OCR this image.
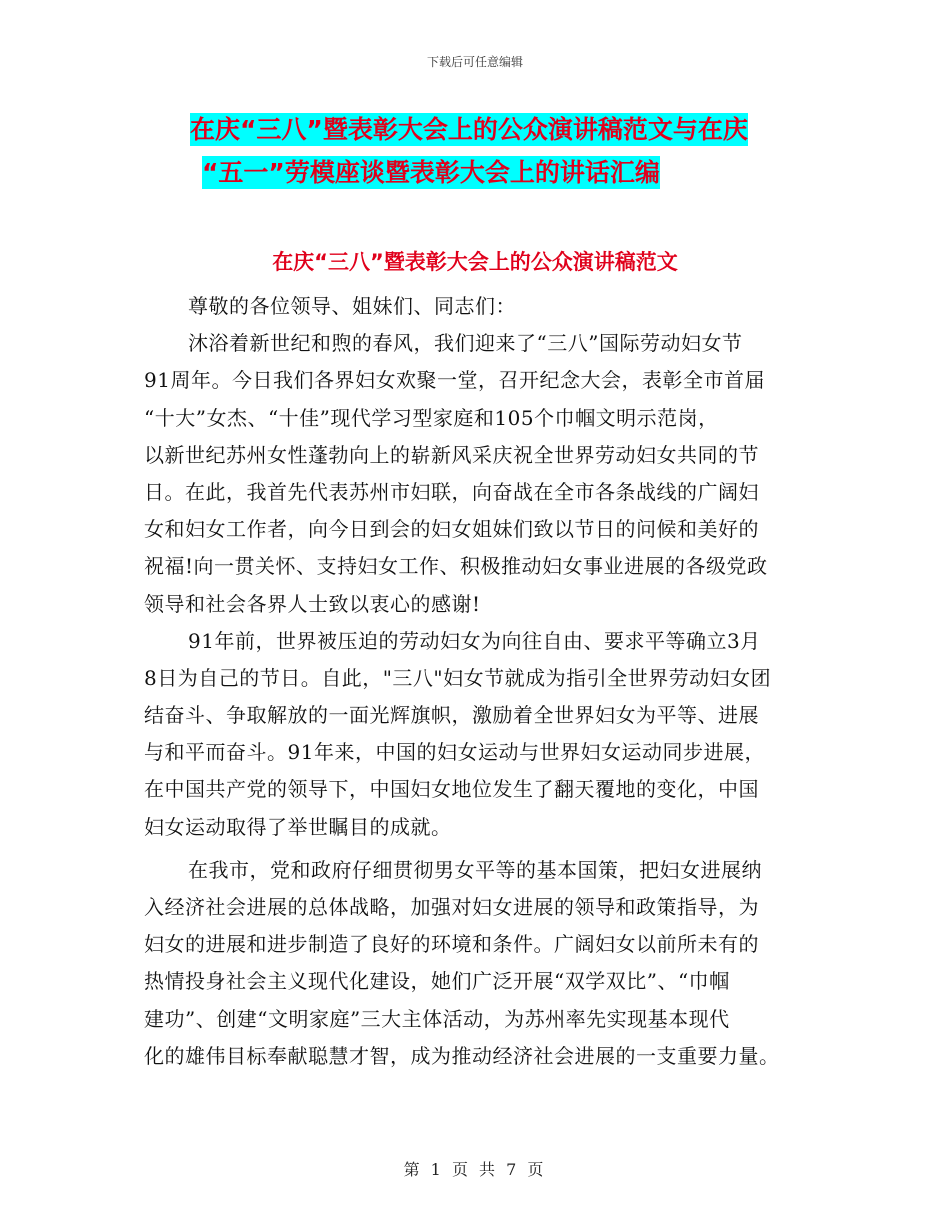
下载后可任意编辑
在庆“三八”暨表彰大会上的公众演讲稿范文与在庆
“五一”劳模座谈暨表彰大会上的讲话汇编
在庆“三八”暨表彰大会上的公众演讲稿范文
尊敬的各位领导、姐妹们、同志们：
沐浴着新世纪和煦的春风，我们迎来了“三八”国际劳动妇女节
91周年。今日我们各界妇女欢聚一堂，召开纪念大会，表彰全市首届
“十大”女杰、“十佳”现代学习型家庭和105个巾帼文明示范岗，
以新世纪苏州女性蓬勃向上的崭新风采庆祝全世界劳动妇女共同的节
日。在此，我首先代表苏州市妇联，向奋战在全市各条战线的广阔妇
女和妇女工作者，向今日到会的妇女姐妹们致以节日的问候和美好的
祝福!向一贯关怀、支持妇女工作、积极推动妇女事业进展的各级党政
领导和社会各界人士致以衷心的感谢!
91年前，世界被压迫的劳动妇女为向往自由、要求平等确立3月
8日为自己的节日。自此，"三八"妇女节就成为指引全世界劳动妇女团
结奋斗、争取解放的一面光辉旗帜，激励着全世界妇女为平等、进展
与和平而奋斗。91年来，中国的妇女运动与世界妇女运动同步进展，
在中国共产党的领导下，中国妇女地位发生了翻天覆地的变化，中国
妇女运动取得了举世瞩目的成就。
在我市，党和政府仔细贯彻男女平等的基本国策，把妇女进展纳
入经济社会进展的总体战略，加强对妇女进展的领导和政策指导，为
妇女的进展和进步制造了良好的环境和条件。广阔妇女以前所未有的
热情投身社会主义现代化建设，她们广泛开展“双学双比”、“巾帼
建功”、创建“文明家庭”三大主体活动，为苏州率先实现基本现代
化的雄伟目标奉献聪慧才智，成为推动经济社会进展的一支重要力量。
第 1 页 共 7 页
